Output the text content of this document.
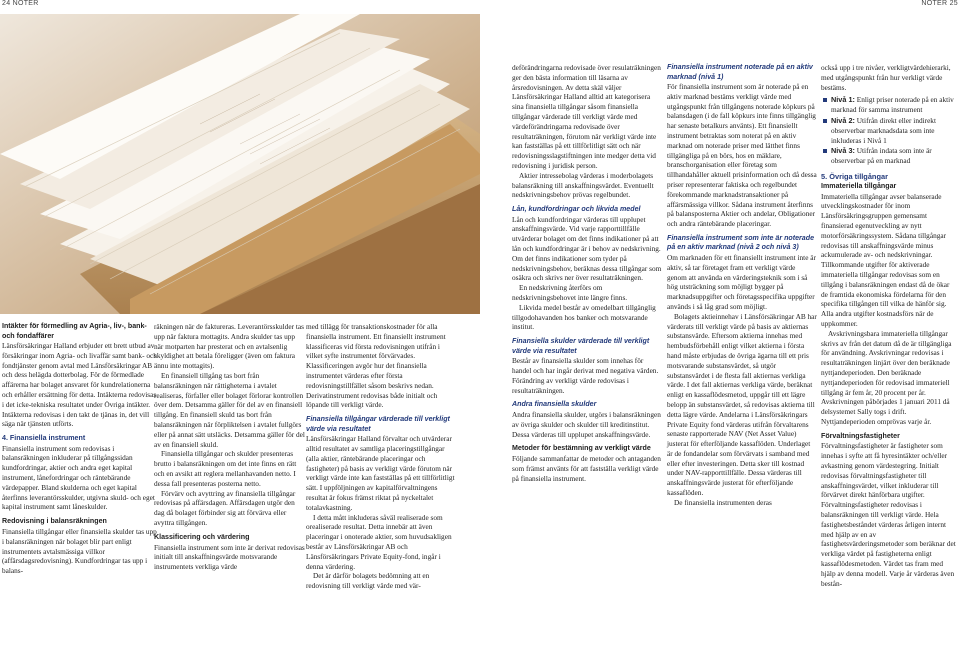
24 NOTER	NOTER 25
Intäkter för förmedling av Agria-, liv-, bank- och fondaffärer

Länsförsäkringar Halland erbjuder ett brett utbud av försäkringar inom Agria- och livaffär samt bank- och fondtjänster genom avtal med Länsförsäkringar AB och dess helägda dotterbolag. För de förmedlade affärerna har bolaget ansvaret för kundrelationerna och erhåller ersättning för detta. Intäkterna redovisas i det icke-tekniska resultatet under Övriga intäkter. Intäkterna redovisas i den takt de tjänas in, det vill säga när tjänsten utförts.

4. Finansiella instrument

Finansiella instrument som redovisas i balansräkningen inkluderar på tillgångssidan kundfordringar, aktier och andra eget kapital instrument, lånefordringar och räntebärande värdepapper. Bland skulderna och eget kapital återfinns leverantörsskulder, utgivna skuld- och eget kapital instrument samt låneskulder.

Redovisning i balansräkningen

Finansiella tillgångar eller finansiella skulder tas upp i balansräkningen när bolaget blir part enligt instrumentets avtalsmässiga villkor (affärsdagsredovisning). Kundfordringar tas upp i balans-

räkningen när de faktureras. Leverantörsskulder tas upp när faktura mottagits. Andra skulder tas upp när motparten har presterat och en avtalsenlig skyldighet att betala föreligger (även om faktura ännu inte mottagits).

En finansiell tillgång tas bort från balansräkningen när rättigheterna i avtalet realiseras, förfaller eller bolaget förlorar kontrollen över dem. Detsamma gäller för del av en finansiell tillgång. En finansiell skuld tas bort från balansräkningen när förpliktelsen i avtalet fullgörs eller på annat sätt utsläcks. Detsamma gäller för del av en finansiell skuld.

Finansiella tillgångar och skulder presenteras brutto i balansräkningen om det inte finns en rätt och en avsikt att reglera mellanhavanden netto. I dessa fall presenteras posterna netto.

Förvärv och avyttring av finansiella tillgångar redovisas på affärsdagen. Affärsdagen utgör den dag då bolaget förbinder sig att förvärva eller avyttra tillgången.

Klassificering och värdering

Finansiella instrument som inte är derivat redovisas initialt till anskaffningsvärde motsvarande instrumentets verkliga värde

med tillägg för transaktionskostnader för alla finansiella instrument. Ett finansiellt instrument klassificeras vid första redovisningen utifrån i vilket syfte instrumentet förvärvades. Klassificeringen avgör hur det finansiella instrumentet värderas efter första redovisningstillfället såsom beskrivs nedan. Derivatinstrument redovisas både initialt och löpande till verkligt värde.

Finansiella tillgångar värderade till verkligt värde via resultatet

Länsförsäkringar Halland förvaltar och utvärderar alltid resultatet av samtliga placeringstillgångar (alla aktier, räntebärande placeringar och fastigheter) på basis av verkligt värde förutom när verkligt värde inte kan fastställas på ett tillförlitligt sätt. I uppföljningen av kapitalförvaltningens resultat är fokus främst riktat på nyckeltalet totalavkastning.

I detta mått inkluderas såväl realiserade som orealiserade resultat. Detta innebär att även placeringar i onoterade aktier, som huvudsakligen består av Länsförsäkringar AB och Länsförsäkringars Private Equity-fond, ingår i denna värdering.

Det är därför bolagets bedömning att en redovisning till verkligt värde med vär-

deförändringarna redovisade över resulaträkningen ger den bästa information till läsarna av årsredovisningen. Av detta skäl väljer Länsförsäkringar Halland alltid att kategorisera sina finansiella tillgångar såsom finansiella tillgångar värderade till verkligt värde med värdeförändringarna redovisade över resultaträkningen, förutom när verkligt värde inte kan fastställas på ett tillförlitligt sätt och när redovisningsslagstiftningen inte medger detta vid redovisning i juridisk person.

Aktier intressebolag värderas i moderbolagets balansräkning till anskaffningsvärdet. Eventuellt nedskrivningsbehov prövas regelbundet.

Lån, kundfordringar och likvida medel

Lån och kundfordringar värderas till upplupet anskaffningsvärde. Vid varje rapporttillfälle utvärderar bolaget om det finns indikationer på att lån och kundfordringar är i behov av nedskrivning. Om det finns indikationer som tyder på nedskrivningsbehov, beräknas dessa tillgångar som osäkra och skrivs ner över resultaträkningen.

En nedskrivning återförs om nedskrivningsbehovet inte längre finns.

Likvida medel består av omedelbart tillgänglig tillgodohavanden hos banker och motsvarande institut.

Finansiella skulder värderade till verkligt värde via resultatet

Består av finansiella skulder som innehas för handel och har ingår derivat med negativa värden. Förändring av verkligt värde redovisas i resultaträkningen.

Andra finansiella skulder

Andra finansiella skulder, utgörs i balansräkningen av övriga skulder och skulder till kreditinstitut. Dessa värderas till upplupet anskaffningsvärde.

Metoder för bestämning av verkligt värde

Följande sammanfattar de metoder och antaganden som främst använts för att fastställa verkligt värde på finansiella instrument.

Finansiella instrument noterade på en aktiv marknad (nivå 1)

För finansiella instrument som är noterade på en aktiv marknad bestäms verkligt värde med utgångspunkt från tillgångens noterade köpkurs på balansdagen (i de fall köpkurs inte finns tillgänglig har senaste betalkurs använts). Ett finansiellt instrument betraktas som noterat på en aktiv marknad om noterade priser med lätthet finns tillgängliga på en börs, hos en mäklare, branschorganisation eller företag som tillhandahåller aktuell prisinformation och då dessa priser representerar faktiska och regelbundet förekommande marknadstransaktioner på affärsmässiga villkor. Sådana instrument återfinns på balansposterna Aktier och andelar, Obligationer och andra räntebärande placeringar.

Finansiella instrument som inte är noterade på en aktiv marknad (nivå 2 och nivå 3)

Om marknaden för ett finansiellt instrument inte är aktiv, så tar företaget fram ett verkligt värde genom att använda en värderingsteknik som i så hög utsträckning som möjligt bygger på marknadsuppgifter och företagsspecifika uppgifter används i så låg grad som möjligt.

Bolagets aktieinnehav i Länsförsäkringar AB har värderats till verkligt värde på basis av aktiernas substansvärde. Eftersom aktierna innehas med hembudsförbehåll enligt vilket aktierna i första hand måste erbjudas de övriga ägarna till ett pris motsvarande substansvärdet, så utgör substansvärdet i de flesta fall aktiernas verkliga värde. I det fall aktiernas verkliga värde, beräknat enligt en kassaflödesmetod, uppgår till ett lägre belopp än substansvärdet, så redovisas aktierna till detta lägre värde. Andelarna i Länsförsäkringars Private Equity fond värderas utifrån förvaltarens senaste rapporterade NAV (Net Asset Value) justerat för efterföljande kassaflöden. Underlaget är de fondandelar som förvärvats i samband med eller efter investeringen. Detta sker till kostnad under NAV-rapporttillfälle. Dessa värderas till anskaffningsvärde justerat för efterföljande kassaflöden.

De finansiella instrumenten deras

också upp i tre nivåer, verkligtvärdehierarki, med utgångspunkt från hur verkligt värde bestäms.

Nivå 1: Enligt priser noterade på en aktiv marknad för samma instrument
Nivå 2: Utifrån direkt eller indirekt observerbar marknadsdata som inte inkluderas i Nivå 1
Nivå 3: Utifrån indata som inte är observerbar på en marknad
5. Övriga tillgångar
Immateriella tillgångar

Immateriella tillgångar avser balanserade utvecklingskostnader för inom Länsförsäkringsgruppen gemensamt finansierad egenutveckling av nytt motorförsäkringssystem. Sådana tillgångar redovisas till anskaffningsvärde minus ackumulerade av- och nedskrivningar. Tillkommande utgifter för aktiverade immateriella tillgångar redovisas som en tillgång i balansräkningen endast då de ökar de framtida ekonomiska fördelarna för den specifika tillgången till vilka de hänför sig. Alla andra utgifter kostnadsförs när de uppkommer.

Avskrivningsbara immateriella tillgångar skrivs av från det datum då de är tillgängliga för användning. Avskrivningar redovisas i resultaträkningen linjärt över den beräknade nyttjandeperioden. Den beräknade nyttjandeperioden för redovisad immateriell tillgång är fem år, 20 procent per år. Avskrivningen påbörjades 1 januari 2011 då delsystemet Sally togs i drift. Nyttjandeperioden omprövas varje år.

Förvaltningsfastigheter

Förvaltningsfastigheter är fastigheter som innehas i syfte att få hyresintäkter och/eller avkastning genom värdestegring. Initialt redovisas förvaltningsfastigheter till anskaffningsvärdet, vilket inkluderar till förvärvet direkt hänförbara utgifter. Förvaltningsfastigheter redovisas i balansräkningen till verkligt värde. Hela fastighetsbeståndet värderas årligen internt med hjälp av en av fastighetsvärderingsmetoder som beräknar det verkliga värdet på fastigheterna enligt kassaflödesmetoden. Värdet tas fram med hjälp av denna modell. Varje år värderas även bestån-
